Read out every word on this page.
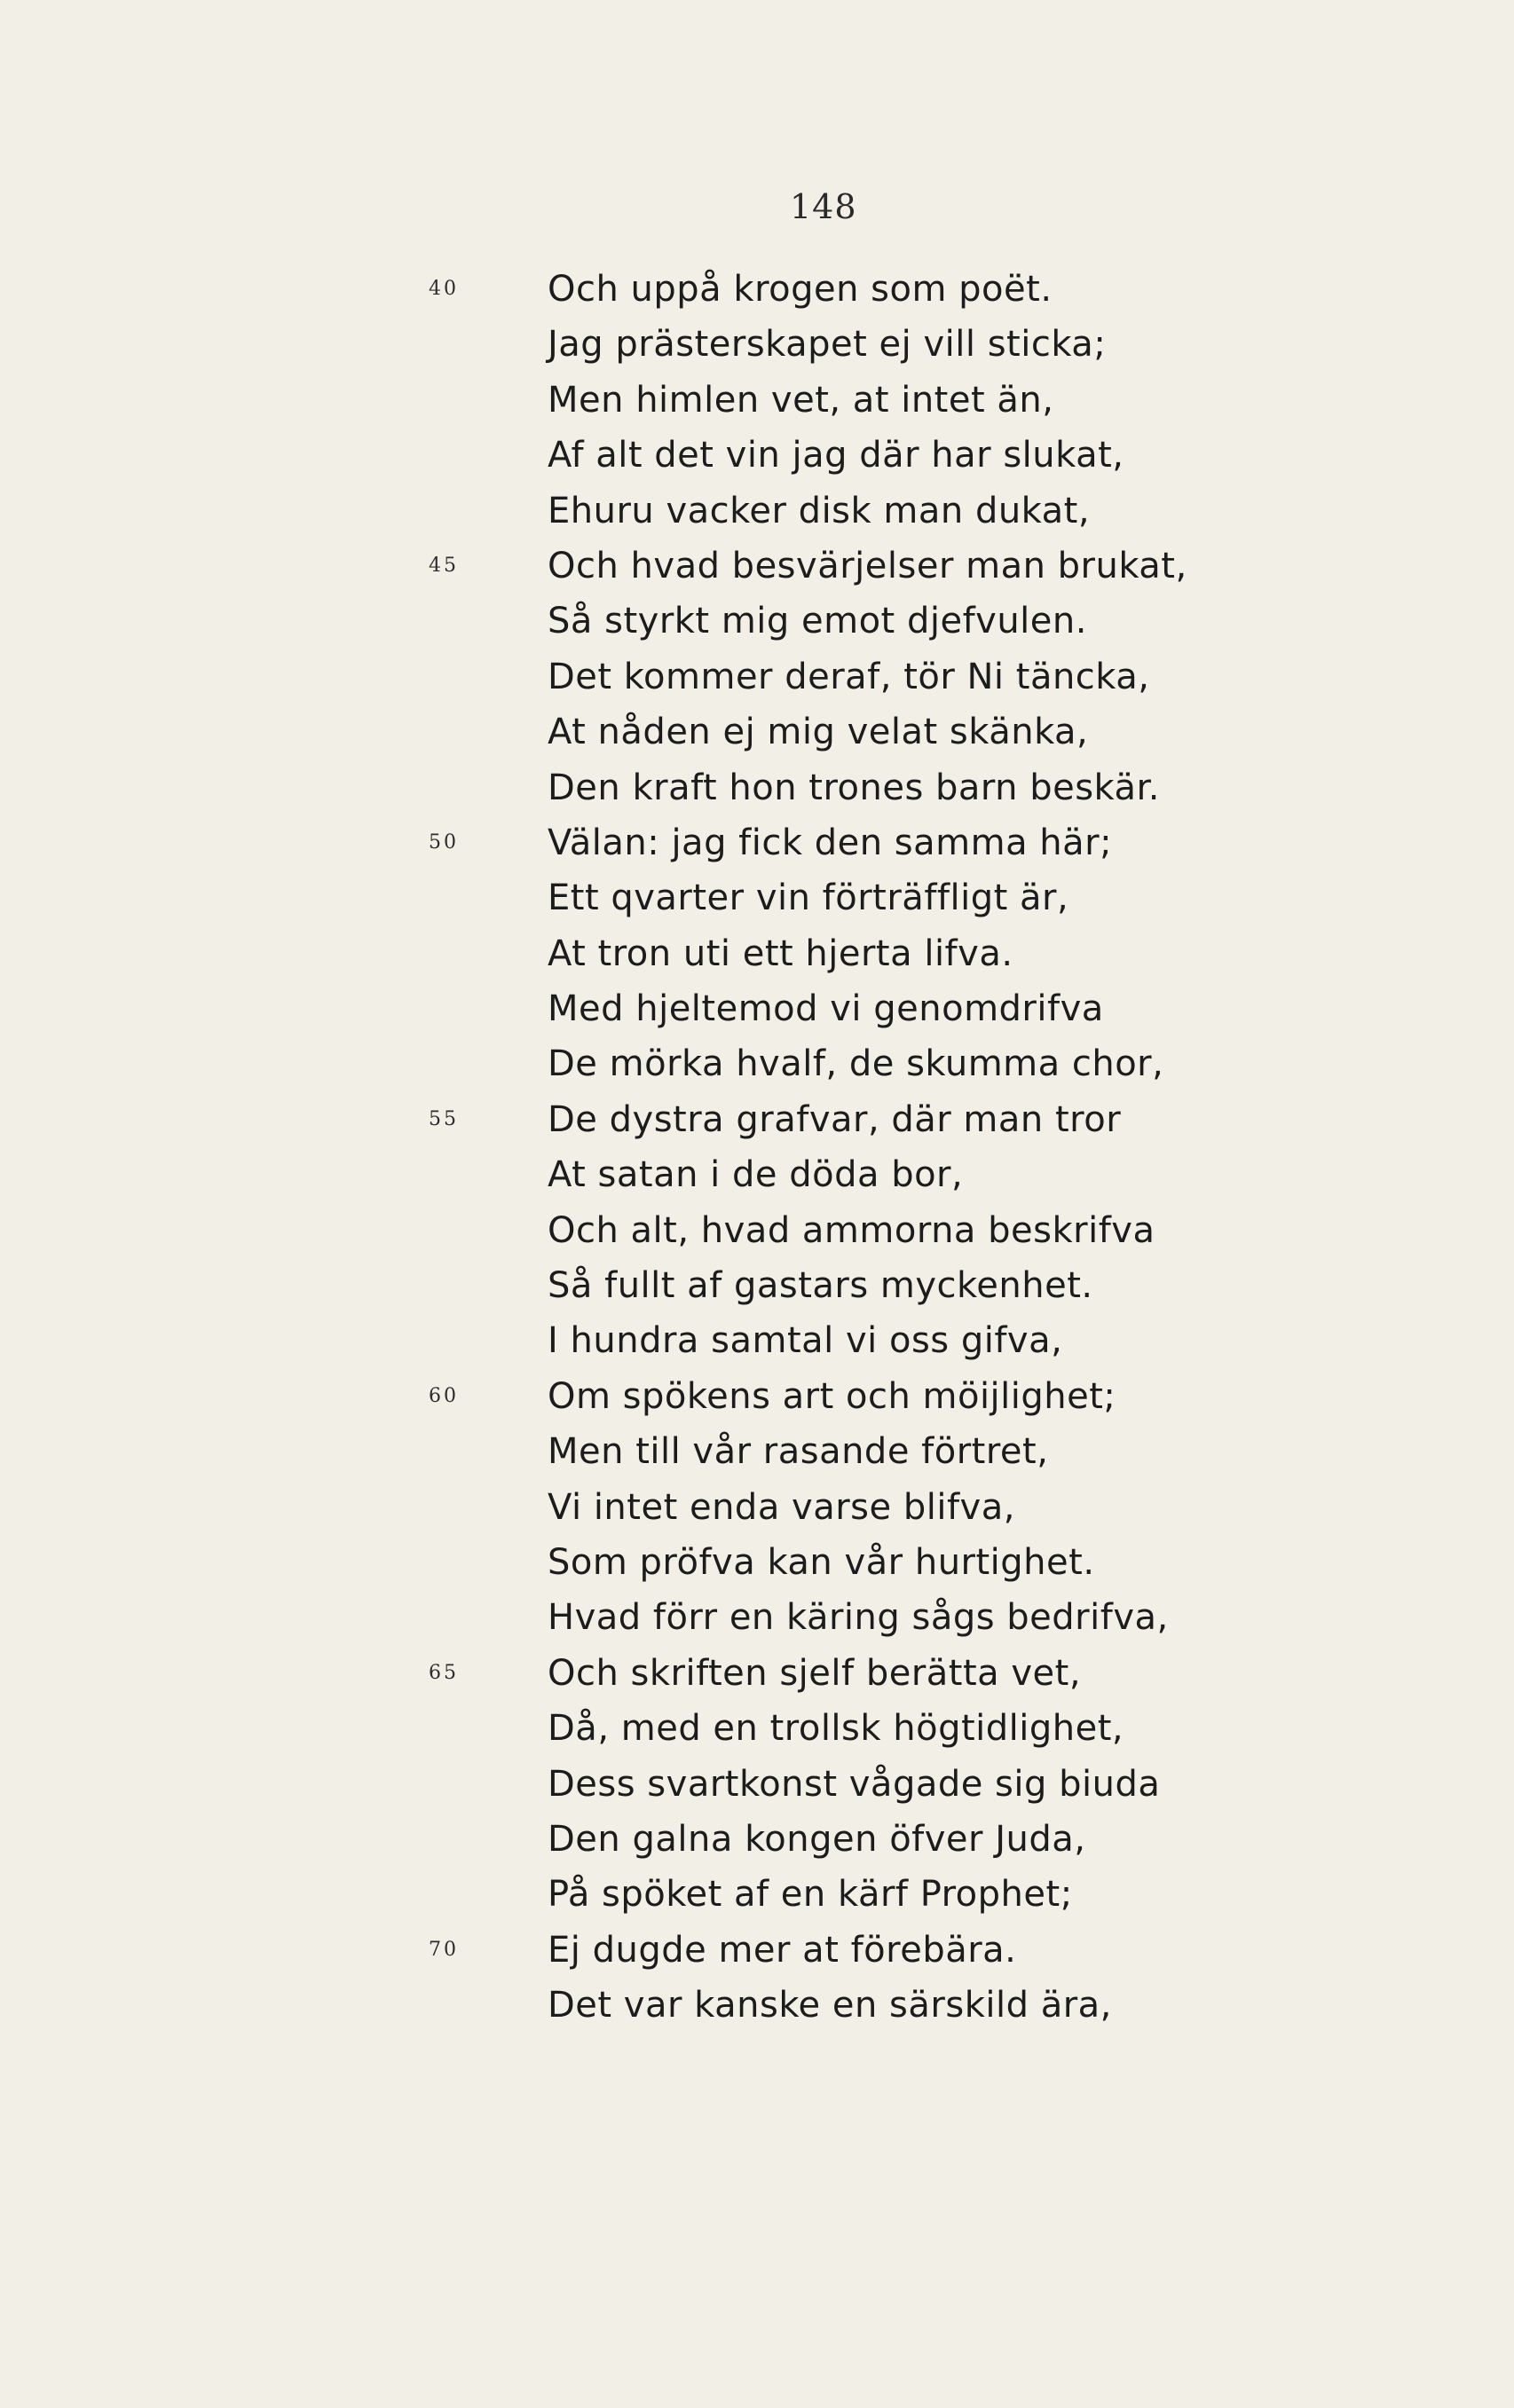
148
40	Och uppå krogen som poët.
Jag prästerskapet ej vill sticka;
Men himlen vet, at intet än,
Af alt det vin jag där har slukat,
Ehuru vacker disk man dukat,
45	Och hvad besvärjelser man brukat,
Så styrkt mig emot djefvulen.
Det kommer deraf, tör Ni täncka,
At nåden ej mig velat skänka,
Den kraft hon trones barn beskär.
50	Välan: jag fick den samma här;
Ett qvarter vin förträffligt är,
At tron uti ett hjerta lifva.
Med hjeltemod vi genomdrifva
De mörka hvalf, de skumma chor,
55	De dystra grafvar, där man tror
At satan i de döda bor,
Och alt, hvad ammorna beskrifva
Så fullt af gastars myckenhet.
I hundra samtal vi oss gifva,
60	Om spökens art och möijlighet;
Men till vår rasande förtret,
Vi intet enda varse blifva,
Som pröfva kan vår hurtighet.
Hvad förr en käring sågs bedrifva,
65	Och skriften sjelf berätta vet,
Då, med en trollsk högtidlighet,
Dess svartkonst vågade sig biuda
Den galna kongen öfver Juda,
På spöket af en kärf Prophet;
70	Ej dugde mer at förebära.
Det var kanske en särskild ära,
